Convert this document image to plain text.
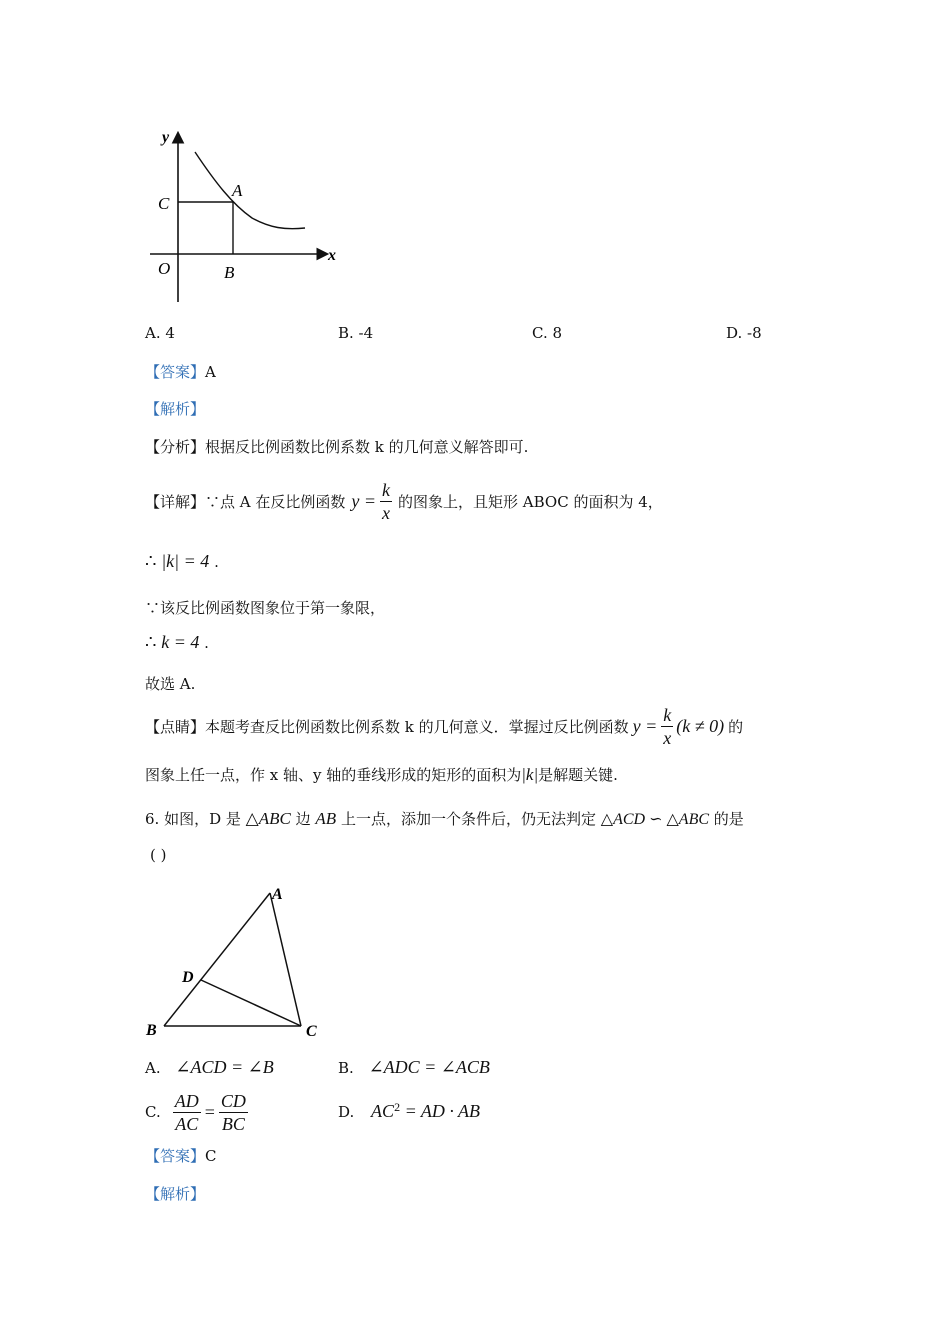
y
x
C
A
O	B
A. 4	B. -4	C. 8	D. -8
【答案】A
【解析】
【分析】根据反比例函数比例系数 k 的几何意义解答即可.
【详解】 ∵点 A 在反比例函数 $y = \frac{k}{x}$ 的图象上，且矩形 ABOC 的面积为 4，
∴ |k| = 4 .
∵该反比例函数图象位于第一象限，
∴ k = 4 .
故选 A.
【点睛】 本题考查反比例函数比例系数 k 的几何意义．掌握过反比例函数 $y = \frac{k}{x} (k \ne 0)$ 的
图象上任一点，作 x 轴、y 轴的垂线形成的矩形的面积为|k|是解题关键.
6. 如图，D 是 △ABC 边 AB 上一点，添加一个条件后，仍无法判定 △ACD ∽ △ABC 的是
( )
A
B	C
D
A. ∠ACD = ∠B	B. ∠ADC = ∠ACB
C. $\frac{AD}{AC} = \frac{CD}{BC}$	D. $AC^2$ = AD · AB
【答案】C
【解析】
